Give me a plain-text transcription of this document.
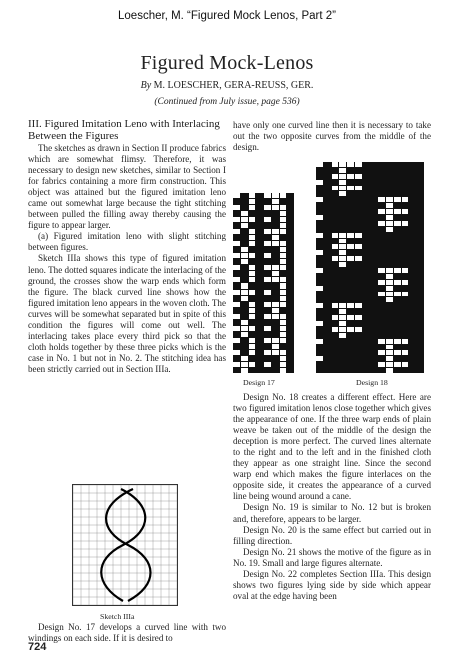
Loescher, M. “Figured Mock Lenos, Part 2”
Figured Mock-Lenos
By M. LOESCHER, GERA-REUSS, GER.
(Continued from July issue, page 536)
III. Figured Imitation Leno with Interlacing Between the Figures

The sketches as drawn in Section II produce fabrics which are somewhat flimsy. Therefore, it was necessary to design new sketches, similar to Section I for fabrics containing a more firm construction. This object was attained but the figured imitation leno came out somewhat large because the tight stitching between pulled the filling away thereby causing the figure to appear larger.

(a) Figured imitation leno with slight stitching between figures.

Sketch IIIa shows this type of figured imitation leno. The dotted squares indicate the interlacing of the ground, the crosses show the warp ends which form the figure. The black curved line shows how the figured imitation leno appears in the woven cloth. The curves will be somewhat separated but in spite of this condition the figures will come out well. The interlacing takes place every third pick so that the cloth holds together by these three picks which is the case in No. 1 but not in No. 2. The stitching idea has been strictly carried out in Section IIIa.

Sketch IIIa

Design No. 17 develops a curved line with two windings on each side. If it is desired to

have only one curved line then it is necessary to take out the two opposite curves from the middle of the design.

Design 17	Design 18

Design No. 18 creates a different effect. Here are two figured imitation lenos close together which gives the appearance of one. If the three warp ends of plain weave be taken out of the middle of the design the deception is more perfect. The curved lines alternate to the right and to the left and in the finished cloth they appear as one straight line. Since the second warp end which makes the figure interlaces on the opposite side, it creates the appearance of a curved line being wound around a cane.

Design No. 19 is similar to No. 12 but is broken and, therefore, appears to be larger.

Design No. 20 is the same effect but carried out in filling direction.

Design No. 21 shows the motive of the figure as in No. 19. Small and large figures alternate.

Design No. 22 completes Section IIIa. This design shows two figures lying side by side which appear oval at the edge having been

724
